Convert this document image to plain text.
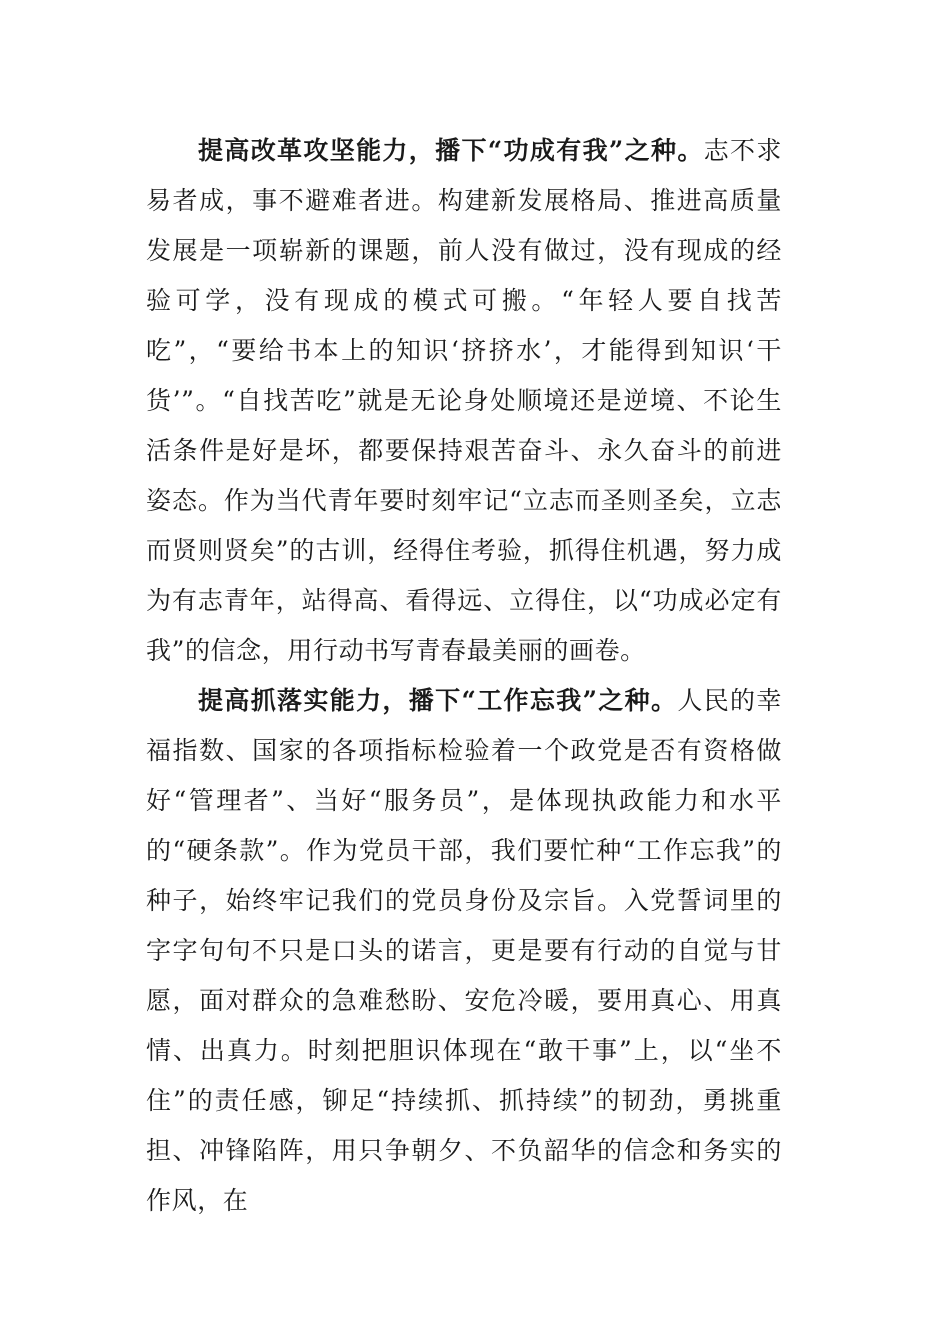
提高改革攻坚能力，播下“功成有我”之种。志不求易者成，事不避难者进。构建新发展格局、推进高质量发展是一项崭新的课题，前人没有做过，没有现成的经验可学，没有现成的模式可搬。“年轻人要自找苦吃”，“要给书本上的知识‘挤挤水’，才能得到知识‘干货’”。“自找苦吃”就是无论身处顺境还是逆境、不论生活条件是好是坏，都要保持艰苦奋斗、永久奋斗的前进姿态。作为当代青年要时刻牢记“立志而圣则圣矣，立志而贤则贤矣”的古训，经得住考验，抓得住机遇，努力成为有志青年，站得高、看得远、立得住，以“功成必定有我”的信念，用行动书写青春最美丽的画卷。

提高抓落实能力，播下“工作忘我”之种。人民的幸福指数、国家的各项指标检验着一个政党是否有资格做好“管理者”、当好“服务员”，是体现执政能力和水平的“硬条款”。作为党员干部，我们要忙种“工作忘我”的种子，始终牢记我们的党员身份及宗旨。入党誓词里的字字句句不只是口头的诺言，更是要有行动的自觉与甘愿，面对群众的急难愁盼、安危冷暖，要用真心、用真情、出真力。时刻把胆识体现在“敢干事”上，以“坐不住”的责任感，铆足“持续抓、抓持续”的韧劲，勇挑重担、冲锋陷阵，用只争朝夕、不负韶华的信念和务实的作风，在
